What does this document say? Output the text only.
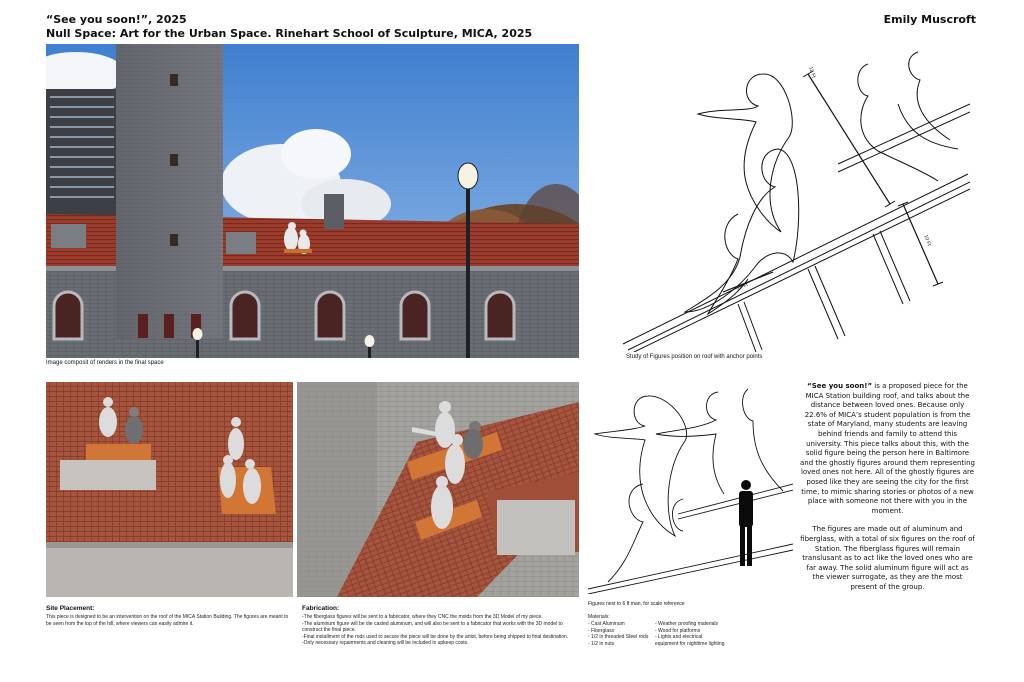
“See you soon!”, 2025
Null Space: Art for the Urban Space. Rinehart School of Sculpture, MICA, 2025
Emily Muscroft
Image composit of renders in the final space
12 Ft
10 Ft
12 Ft
Study of Figures position on roof with anchor points
Site Placement:
This piece is designed to be an intervention on the roof of the MICA Station Building. The figures are meant to be seen from the top of the hill, where viewers can easily admire it.
Fabrication:
-The fiberglass figures will be sent to a fabricator, where they CNC the molds from the 3D Model of my piece.
-The aluminum figure will be die casted aluminum, and will also be sent to a fabricator that works with the 3D model to construct the final piece.
-Final installment of the rods used to secure the piece will be done by the artist, before being shipped to final destination.
-Only necessary repairments and cleaning will be included in upkeep costs.
Figures next to 6 ft man, for scale reference
Materials:
- Cast Aluminum
- Fiberglass
- 1/2 in threaded Steel rods
- 1/2 in nuts
- Weather proofing materials
- Wood for platforms
- Lights and electrical
equipment for nighttime lighting

“See you soon!” is a proposed piece for the MICA Station building roof, and talks about the distance between loved ones. Because only 22.6% of MICA’s student population is from the state of Maryland, many students are leaving behind friends and family to attend this university. This piece talks about this, with the solid figure being the person here in Baltimore and the ghostly figures around them representing loved ones not here. All of the ghostly figures are posed like they are seeing the city for the first time, to mimic sharing stories or photos of a new place with someone not there with you in the moment.

The figures are made out of aluminum and fiberglass, with a total of six figures on the roof of Station. The fiberglass figures will remain translusant as to act like the loved ones who are far away. The solid aluminum figure will act as the viewer surrogate, as they are the most present of the group.
